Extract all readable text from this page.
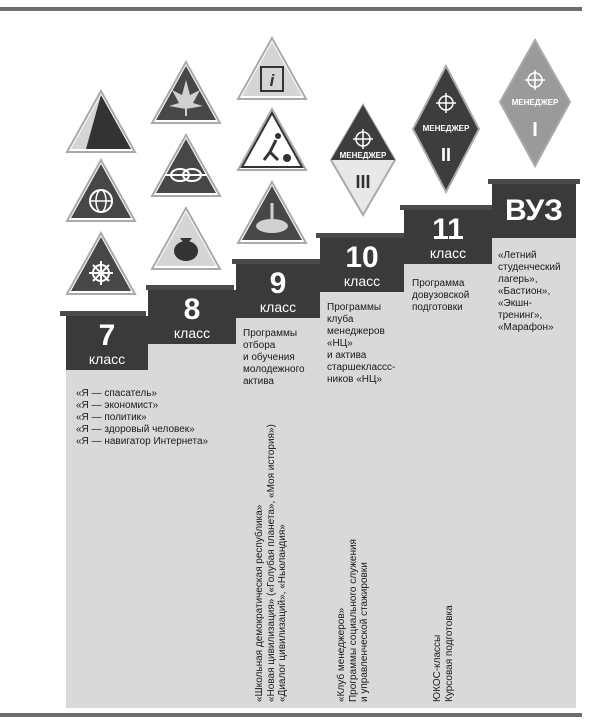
7
класс
8
класс
9
класс
10
класс
11
класс
ВУЗ
«Я — спасатель»
«Я — экономист»
«Я — политик»
«Я — здоровый человек»
«Я — навигатор Интернета»
Программы
отбора
и обучения
молодежного
актива
Программы
клуба
менеджеров
«НЦ»
и актива
старшеклассс-
ников «НЦ»
Программа
довузовской
подготовки
«Летний
студенческий
лагерь»,
«Бастион»,
«Экшн-
тренинг»,
«Марафон»
«Школьная демократическая республика»
«Новая цивилизация» («Голубая планета», «Моя история»)
«Диалог цивилизаций», «Ньюландия»
«Клуб менеджеров»
Программы социального служения
и управленческой стажировки
ЮКОС-классы
Курсовая подготовка
i
МЕНЕДЖЕР
III
МЕНЕДЖЕР
II
МЕНЕДЖЕР
I
